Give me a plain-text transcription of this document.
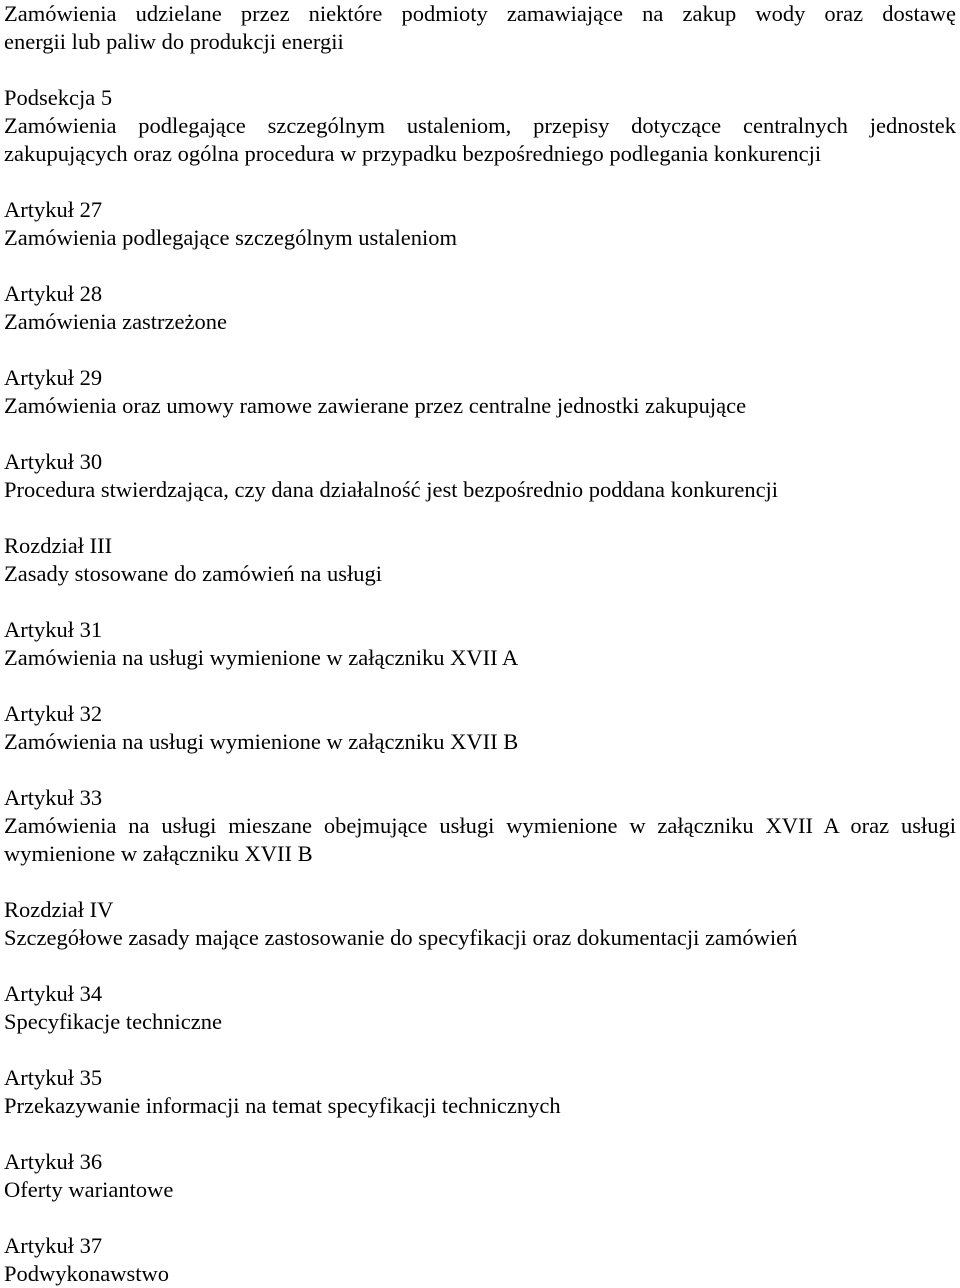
Zamówienia udzielane przez niektóre podmioty zamawiające na zakup wody oraz dostawę
energii lub paliw do produkcji energii
Podsekcja 5
Zamówienia podlegające szczególnym ustaleniom, przepisy dotyczące centralnych jednostek
zakupujących oraz ogólna procedura w przypadku bezpośredniego podlegania konkurencji
Artykuł 27
Zamówienia podlegające szczególnym ustaleniom
Artykuł 28
Zamówienia zastrzeżone
Artykuł 29
Zamówienia oraz umowy ramowe zawierane przez centralne jednostki zakupujące
Artykuł 30
Procedura stwierdzająca, czy dana działalność jest bezpośrednio poddana konkurencji
Rozdział III
Zasady stosowane do zamówień na usługi
Artykuł 31
Zamówienia na usługi wymienione w załączniku XVII A
Artykuł 32
Zamówienia na usługi wymienione w załączniku XVII B
Artykuł 33
Zamówienia na usługi mieszane obejmujące usługi wymienione w załączniku XVII A oraz usługi
wymienione w załączniku XVII B
Rozdział IV
Szczegółowe zasady mające zastosowanie do specyfikacji oraz dokumentacji zamówień
Artykuł 34
Specyfikacje techniczne
Artykuł 35
Przekazywanie informacji na temat specyfikacji technicznych
Artykuł 36
Oferty wariantowe
Artykuł 37
Podwykonawstwo
